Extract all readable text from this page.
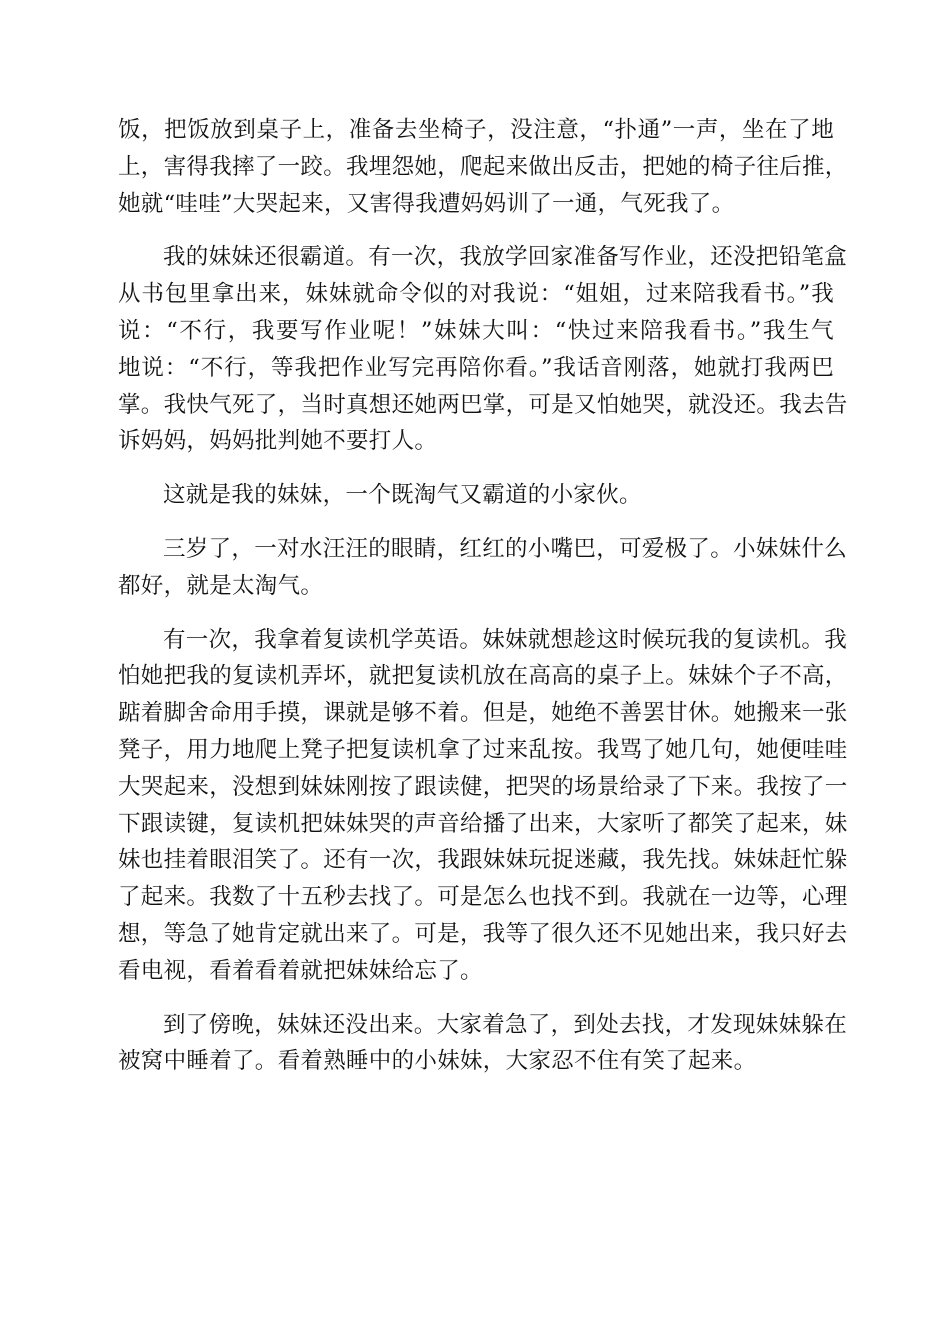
饭，把饭放到桌子上，准备去坐椅子，没注意，“扑通”一声，坐在了地
上，害得我摔了一跤。我埋怨她，爬起来做出反击，把她的椅子往后推，
她就“哇哇”大哭起来，又害得我遭妈妈训了一通，气死我了。

我的妹妹还很霸道。有一次，我放学回家准备写作业，还没把铅笔盒
从书包里拿出来，妹妹就命令似的对我说：“姐姐，过来陪我看书。”我
说：“不行，我要写作业呢！”妹妹大叫：“快过来陪我看书。”我生气
地说：“不行，等我把作业写完再陪你看。”我话音刚落，她就打我两巴
掌。我快气死了，当时真想还她两巴掌，可是又怕她哭，就没还。我去告
诉妈妈，妈妈批判她不要打人。

这就是我的妹妹，一个既淘气又霸道的小家伙。

三岁了，一对水汪汪的眼睛，红红的小嘴巴，可爱极了。小妹妹什么
都好，就是太淘气。

有一次，我拿着复读机学英语。妹妹就想趁这时候玩我的复读机。我
怕她把我的复读机弄坏，就把复读机放在高高的桌子上。妹妹个子不高，
踮着脚舍命用手摸，课就是够不着。但是，她绝不善罢甘休。她搬来一张
凳子，用力地爬上凳子把复读机拿了过来乱按。我骂了她几句，她便哇哇
大哭起来，没想到妹妹刚按了跟读健，把哭的场景给录了下来。我按了一
下跟读键，复读机把妹妹哭的声音给播了出来，大家听了都笑了起来，妹
妹也挂着眼泪笑了。还有一次，我跟妹妹玩捉迷藏，我先找。妹妹赶忙躲
了起来。我数了十五秒去找了。可是怎么也找不到。我就在一边等，心理
想，等急了她肯定就出来了。可是，我等了很久还不见她出来，我只好去
看电视，看着看着就把妹妹给忘了。

到了傍晚，妹妹还没出来。大家着急了，到处去找，才发现妹妹躲在
被窝中睡着了。看着熟睡中的小妹妹，大家忍不住有笑了起来。
